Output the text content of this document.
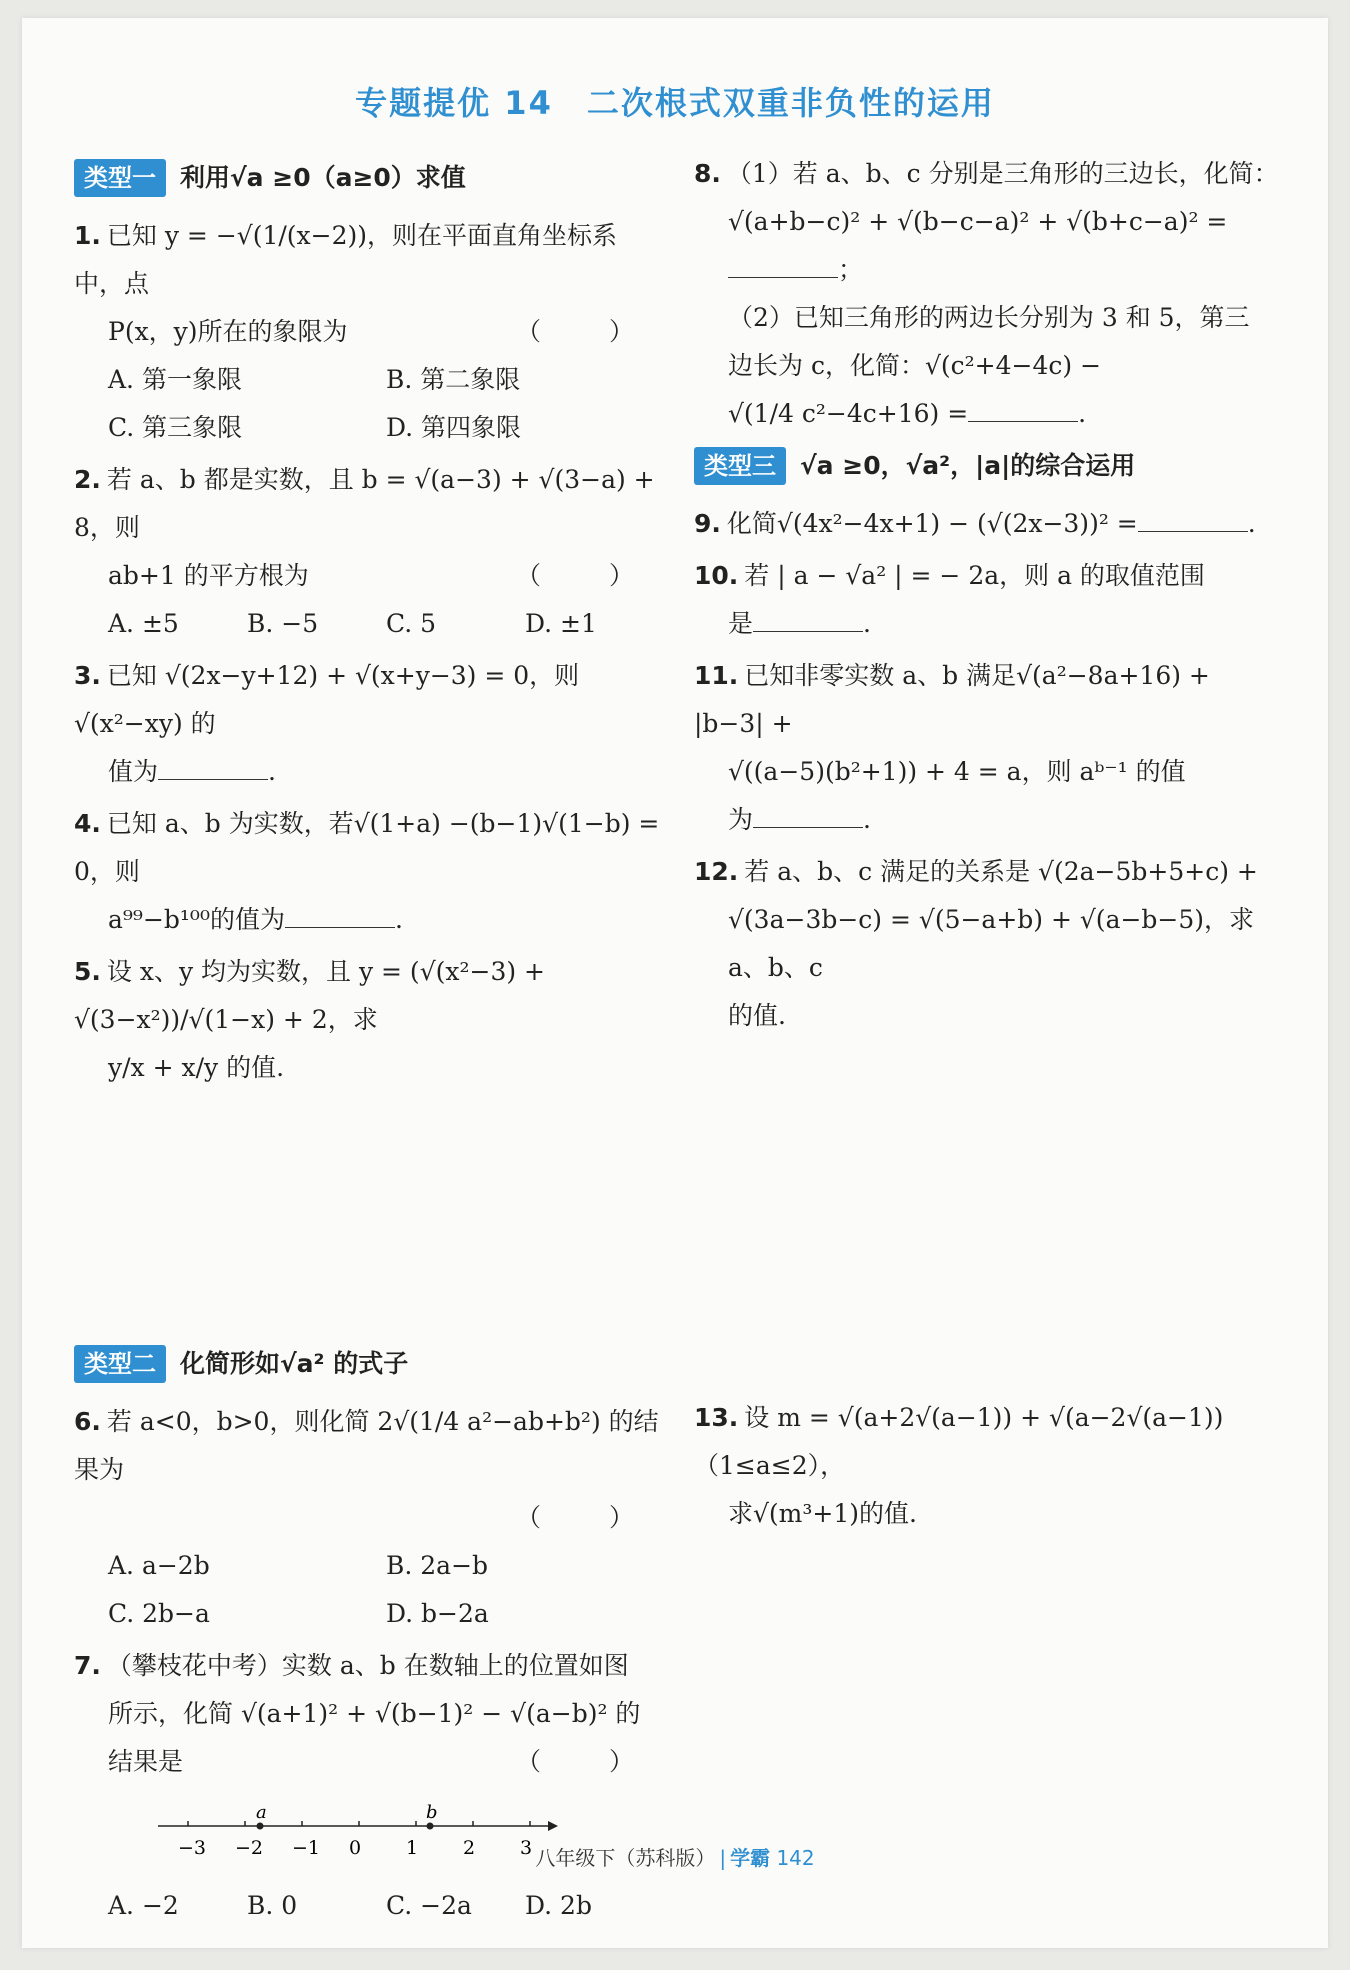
专题提优 14　二次根式双重非负性的运用
类型一 利用√a ≥0（a≥0）求值
1. 已知 y = −√(1/(x−2))，则在平面直角坐标系中，点
P(x，y)所在的象限为	（ ）
A. 第一象限	B. 第二象限
C. 第三象限	D. 第四象限
2. 若 a、b 都是实数，且 b = √(a−3) + √(3−a) + 8，则
ab+1 的平方根为	（ ）
A. ±5	B. −5	C. 5	D. ±1
3. 已知 √(2x−y+12) + √(x+y−3) = 0，则 √(x²−xy) 的
值为	.
4. 已知 a、b 为实数，若√(1+a) −(b−1)√(1−b) = 0，则
a⁹⁹−b¹⁰⁰的值为	.
5. 设 x、y 均为实数，且 y = (√(x²−3) + √(3−x²))/√(1−x) + 2，求
y/x + x/y 的值.
类型二 化简形如√a² 的式子
6. 若 a<0，b>0，则化简 2√(1/4 a²−ab+b²) 的结果为
（ ）
A. a−2b	B. 2a−b
C. 2b−a	D. b−2a
7. （攀枝花中考）实数 a、b 在数轴上的位置如图
所示，化简 √(a+1)² + √(b−1)² − √(a−b)² 的
结果是	（ ）
−3 −2 −1 0 1 2 3
a	b
A. −2	B. 0	C. −2a	D. 2b
8. （1）若 a、b、c 分别是三角形的三边长，化简：
√(a+b−c)² + √(b−c−a)² + √(b+c−a)² =
；
（2）已知三角形的两边长分别为 3 和 5，第三
边长为 c，化简：√(c²+4−4c) −
√(1/4 c²−4c+16) =	.
类型三 √a ≥0，√a²，|a|的综合运用
9. 化简√(4x²−4x+1) − (√(2x−3))² =	.
10. 若 | a − √a² | = − 2a，则 a 的取值范围
是	.
11. 已知非零实数 a、b 满足√(a²−8a+16) + |b−3| +
√((a−5)(b²+1)) + 4 = a，则 aᵇ⁻¹ 的值
为	.
12. 若 a、b、c 满足的关系是 √(2a−5b+5+c) +
√(3a−3b−c) = √(5−a+b) + √(a−b−5)，求 a、b、c
的值.
13. 设 m = √(a+2√(a−1)) + √(a−2√(a−1))（1≤a≤2），
求√(m³+1)的值.
八年级下（苏科版） | 学霸 142
